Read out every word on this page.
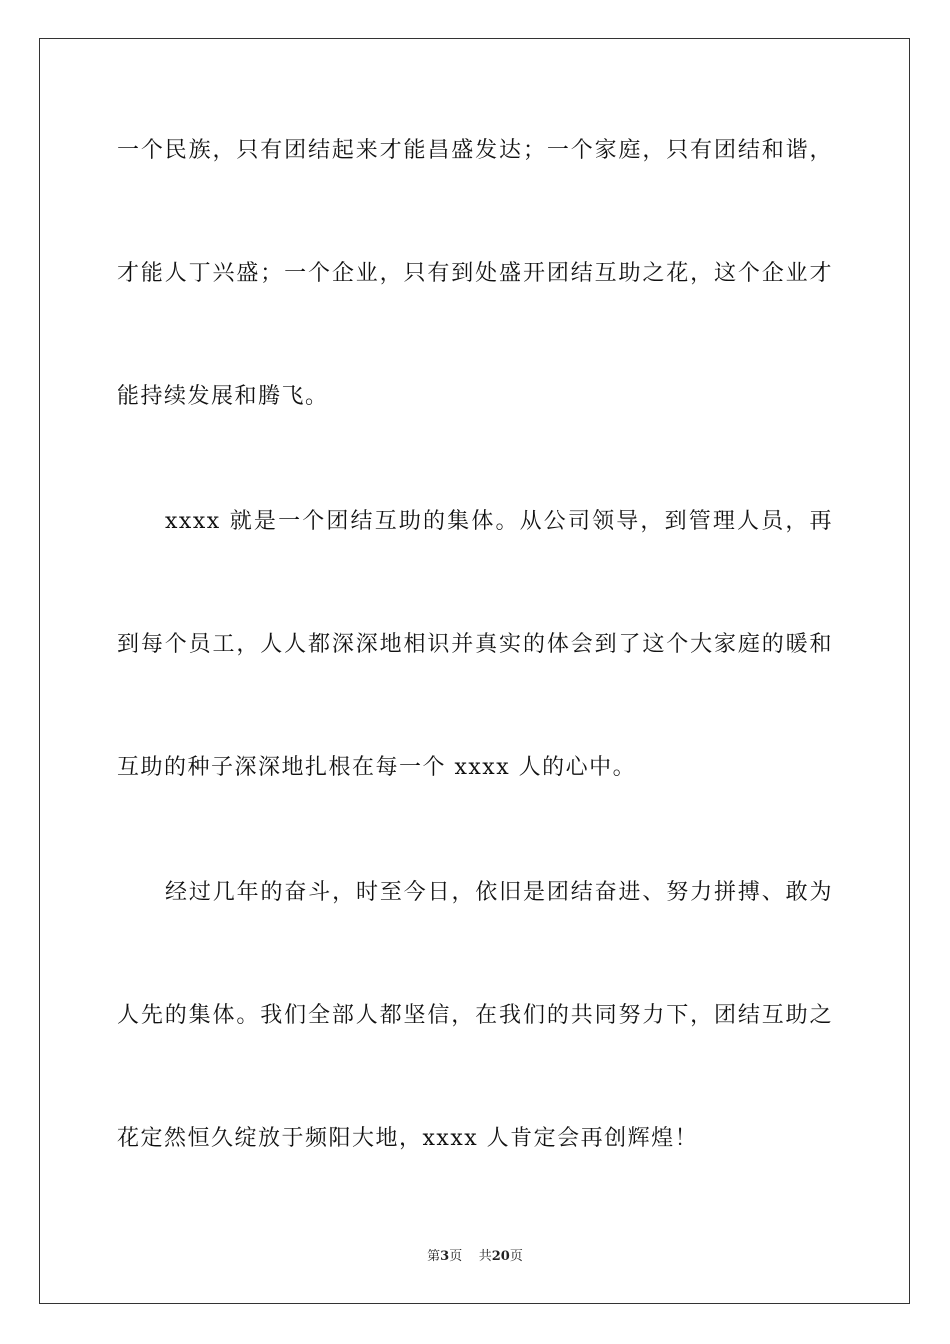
一个民族，只有团结起来才能昌盛发达；一个家庭，只有团结和谐，
才能人丁兴盛；一个企业，只有到处盛开团结互助之花，这个企业才
能持续发展和腾飞。
xxxx 就是一个团结互助的集体。从公司领导，到管理人员，再
到每个员工，人人都深深地相识并真实的体会到了这个大家庭的暖和
互助的种子深深地扎根在每一个 xxxx 人的心中。
经过几年的奋斗，时至今日，依旧是团结奋进、努力拼搏、敢为
人先的集体。我们全部人都坚信，在我们的共同努力下，团结互助之
花定然恒久绽放于频阳大地，xxxx 人肯定会再创辉煌！
第3页 共20页
